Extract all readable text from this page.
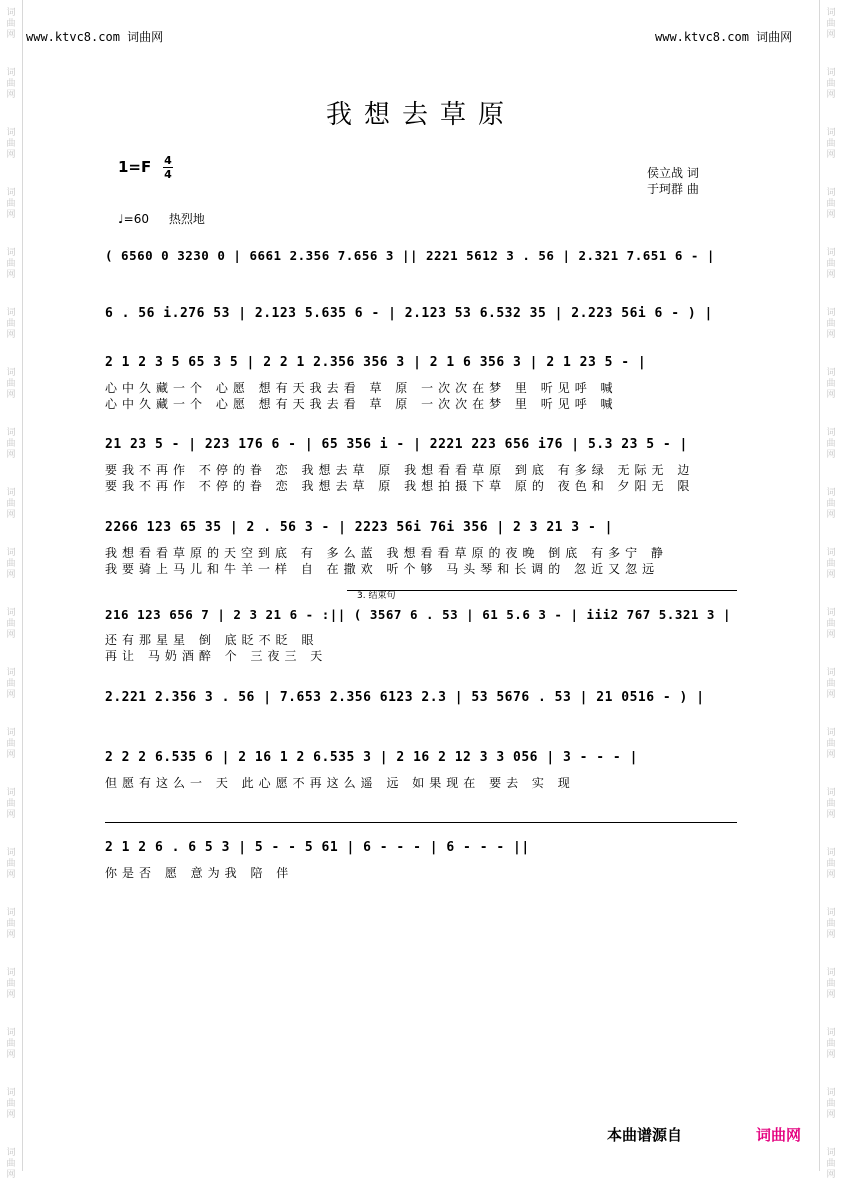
词
曲
网
词
曲
网
词
曲
网
词
曲
网
词
曲
网
词
曲
网
词
曲
网
词
曲
网
词
曲
网
词
曲
网
词
曲
网
词
曲
网
词
曲
网
词
曲
网
词
曲
网
词
曲
网
词
曲
网
词
曲
网
词
曲
网
词
曲
网
词
曲
网
词
曲
网
词
曲
网
词
曲
网
词
曲
网
词
曲
网
词
曲
网
词
曲
网
词
曲
网
词
曲
网
词
曲
网
词
曲
网
词
曲
网
词
曲
网
词
曲
网
词
曲
网
词
曲
网
词
曲
网
词
曲
网
词
曲
网
www.ktvc8.com 词曲网	www.ktvc8.com 词曲网
我想去草原
1=F 4
4
♩=60 热烈地
侯立战 词
于珂群 曲
( 6560 0 3230 0 | 6661 2.356 7.656 3 || 2221 5612 3 . 56 | 2.321 7.651 6 - |
6 . 56 i.276 53 | 2.123 5.635 6 - | 2.123 53 6.532 35 | 2.223 56i 6 - ) |
2 1 2 3 5 65 3 5 | 2 2 1 2.356 356 3 | 2 1 6 356 3 | 2 1 23 5 - |
心中久藏一个 心愿 想有天我去看 草 原 一次次在梦 里 听见呼 喊
心中久藏一个 心愿 想有天我去看 草 原 一次次在梦 里 听见呼 喊
21 23 5 - | 223 176 6 - | 65 356 i - | 2221 223 656 i76 | 5.3 23 5 - |
要我不再作 不停的眷 恋 我想去草 原 我想看看草原 到底 有多绿 无际无 边
要我不再作 不停的眷 恋 我想去草 原 我想拍摄下草 原的 夜色和 夕阳无 限
2266 123 65 35 | 2 . 56 3 - | 2223 56i 76i 356 | 2 3 21 3 - |
我想看看草原的天空到底 有 多么蓝 我想看看草原的夜晚 倒底 有多宁 静
我要骑上马儿和牛羊一样 自 在撒欢 听个够 马头琴和长调的 忽近又忽远
216 123 656 7 | 2 3 21 6 - :|| ( 3567 6 . 53 | 61 5.6 3 - | iii2 767 5.321 3 |
还有那星星 倒 底眨不眨 眼
再让 马奶酒醉 个 三夜三 天
2.221 2.356 3 . 56 | 7.653 2.356 6123 2.3 | 53 5676 . 53 | 21 0516 - ) |
2 2 2 6.535 6 | 2 16 1 2 6.535 3 | 2 16 2 12 3 3 056 | 3 - - - |
但愿有这么一 天 此心愿不再这么遥 远 如果现在 要去 实 现
2 1 2 6 . 6 5 3 | 5 - - 5 61 | 6 - - - | 6 - - - ||
你是否 愿 意为我 陪 伴
3. 结束句
本曲谱源自	词曲网
